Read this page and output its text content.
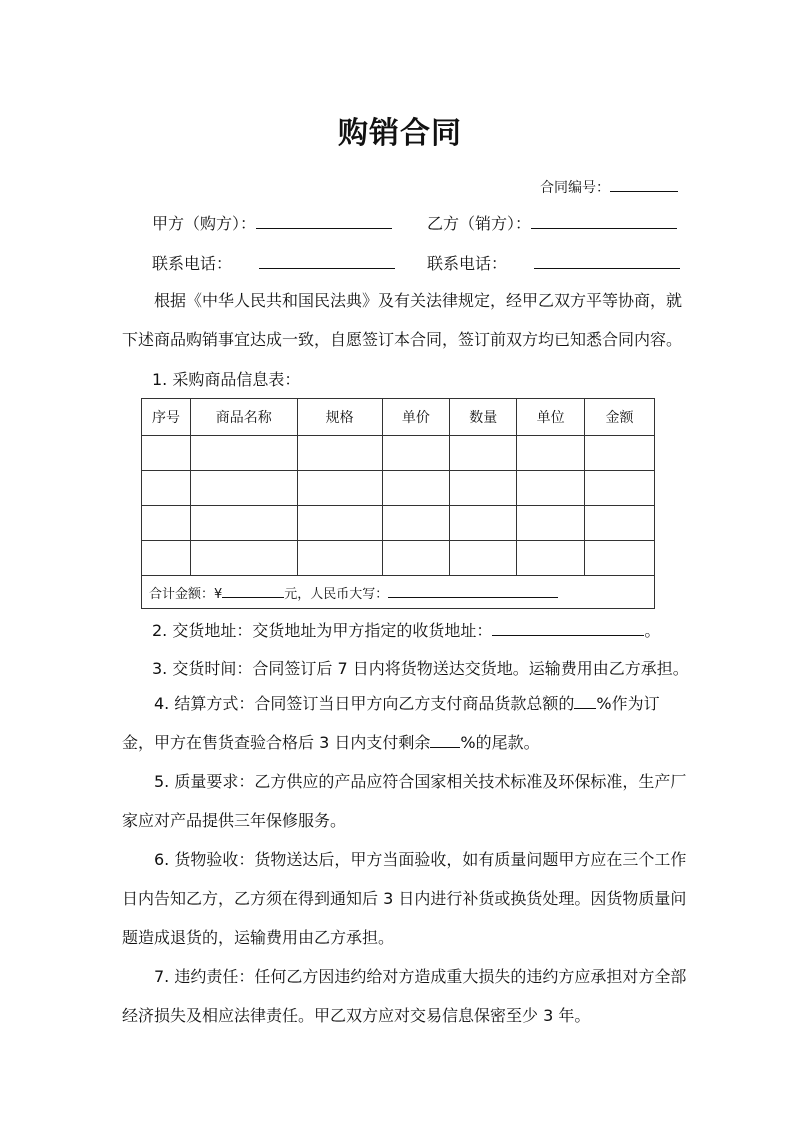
购销合同
合同编号：
甲方（购方）：	乙方（销方）：
联系电话：	联系电话：

根据《中华人民共和国民法典》及有关法律规定，经甲乙双方平等协商，就下述商品购销事宜达成一致，自愿签订本合同，签订前双方均已知悉合同内容。

1. 采购商品信息表：
序号	商品名称	规格	单价	数量	单位	金额

合计金额：¥ 元，人民币大写：						
2. 交货地址：交货地址为甲方指定的收货地址：	。
3. 交货时间：合同签订后 7 日内将货物送达交货地。运输费用由乙方承担。

4. 结算方式：合同签订当日甲方向乙方支付商品货款总额的 %作为订金，甲方在售货查验合格后 3 日内支付剩余 %的尾款。

5. 质量要求：乙方供应的产品应符合国家相关技术标准及环保标准，生产厂家应对产品提供三年保修服务。

6. 货物验收：货物送达后，甲方当面验收，如有质量问题甲方应在三个工作日内告知乙方，乙方须在得到通知后 3 日内进行补货或换货处理。因货物质量问题造成退货的，运输费用由乙方承担。

7. 违约责任：任何乙方因违约给对方造成重大损失的违约方应承担对方全部经济损失及相应法律责任。甲乙双方应对交易信息保密至少 3 年。
